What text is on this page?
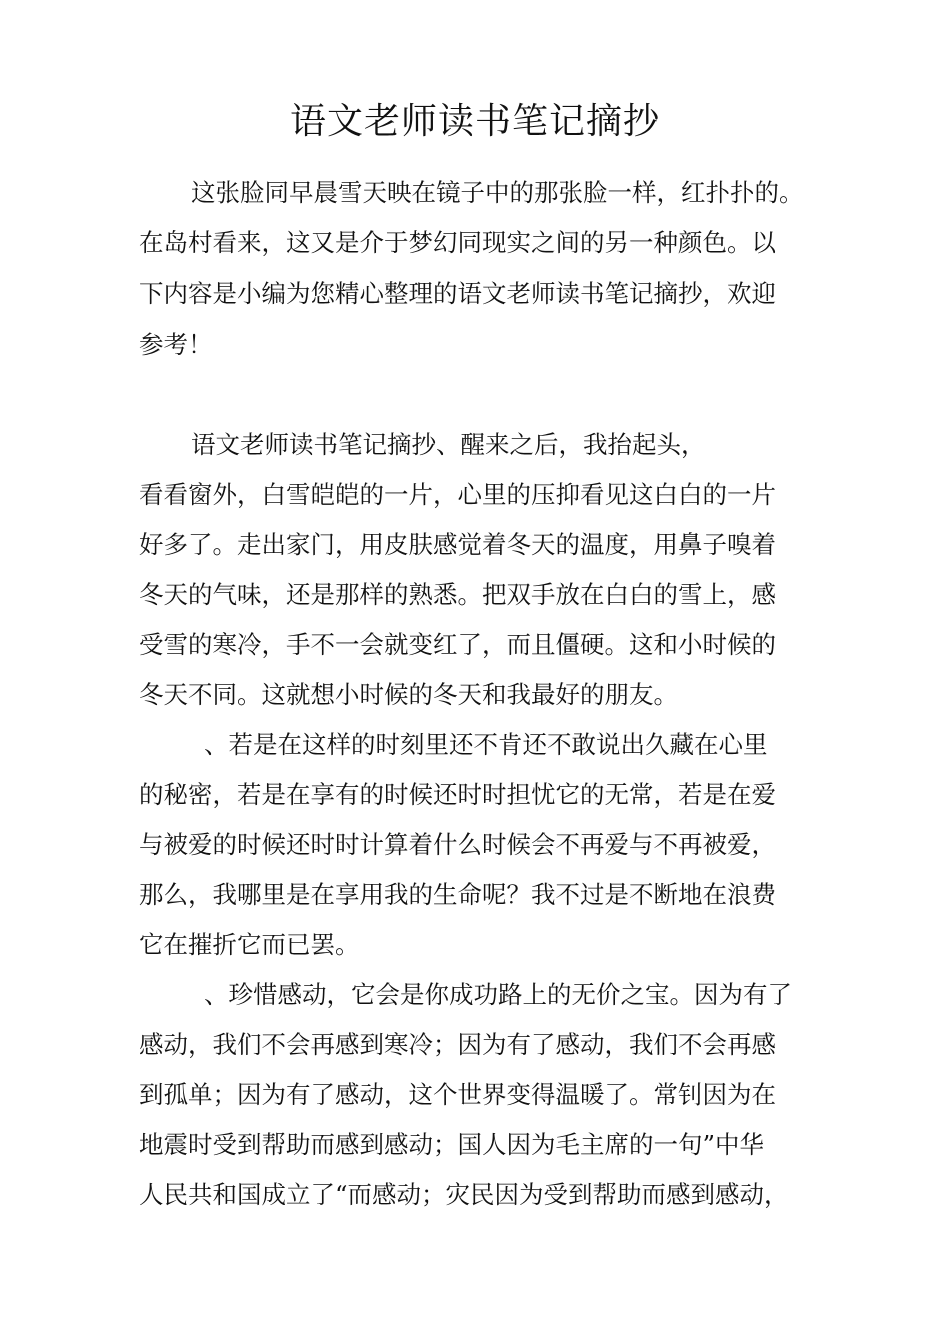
语文老师读书笔记摘抄

这张脸同早晨雪天映在镜子中的那张脸一样，红扑扑的。

在岛村看来，这又是介于梦幻同现实之间的另一种颜色。以

下内容是小编为您精心整理的语文老师读书笔记摘抄，欢迎

参考！

语文老师读书笔记摘抄、醒来之后，我抬起头，

看看窗外，白雪皑皑的一片，心里的压抑看见这白白的一片

好多了。走出家门，用皮肤感觉着冬天的温度，用鼻子嗅着

冬天的气味，还是那样的熟悉。把双手放在白白的雪上，感

受雪的寒冷，手不一会就变红了，而且僵硬。这和小时候的

冬天不同。这就想小时候的冬天和我最好的朋友。

、若是在这样的时刻里还不肯还不敢说出久藏在心里

的秘密，若是在享有的时候还时时担忧它的无常，若是在爱

与被爱的时候还时时计算着什么时候会不再爱与不再被爱，

那么，我哪里是在享用我的生命呢？我不过是不断地在浪费

它在摧折它而已罢。

、珍惜感动，它会是你成功路上的无价之宝。因为有了

感动，我们不会再感到寒冷；因为有了感动，我们不会再感

到孤单；因为有了感动，这个世界变得温暖了。常钊因为在

地震时受到帮助而感到感动；国人因为毛主席的一句”中华

人民共和国成立了“而感动；灾民因为受到帮助而感到感动，
